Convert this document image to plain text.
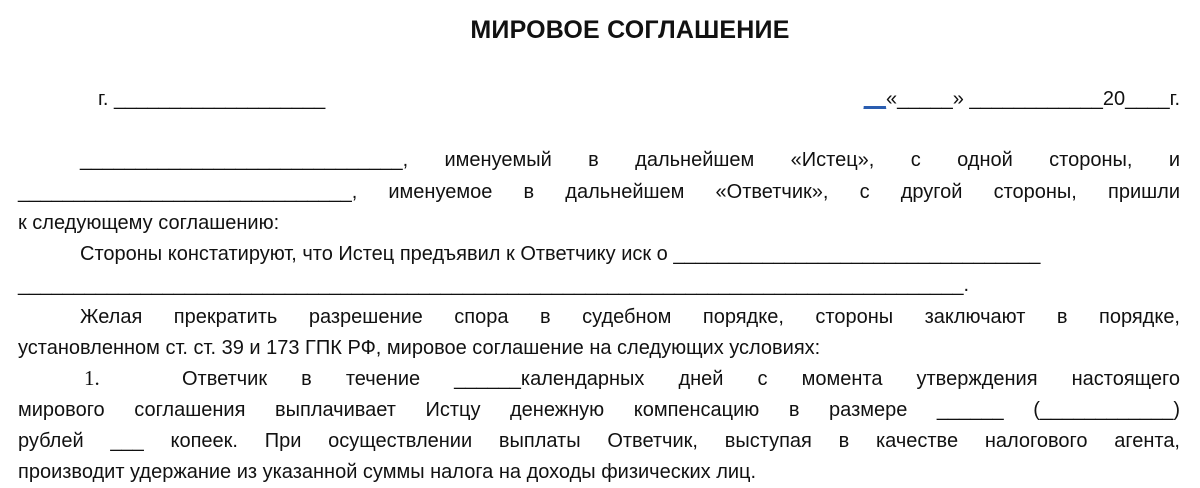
МИРОВОЕ СОГЛАШЕНИЕ
г. ___________________	__«_____» ____________20____г.
_____________________________, именуемый в дальнейшем «Истец», с одной стороны, и
______________________________, именуемое в дальнейшем «Ответчик», с другой стороны, пришли
к следующему соглашению:
Стороны констатируют, что Истец предъявил к Ответчику иск о _________________________________
_____________________________________________________________________________________.
Желая прекратить разрешение спора в судебном порядке, стороны заключают в порядке,
установленном ст. ст. 39 и 173 ГПК РФ, мировое соглашение на следующих условиях:
1.	Ответчик в течение ______календарных дней с момента утверждения настоящего
мирового соглашения выплачивает Истцу денежную компенсацию в размере ______ (____________)
рублей ___ копеек. При осуществлении выплаты Ответчик, выступая в качестве налогового агента,
производит удержание из указанной суммы налога на доходы физических лиц.
